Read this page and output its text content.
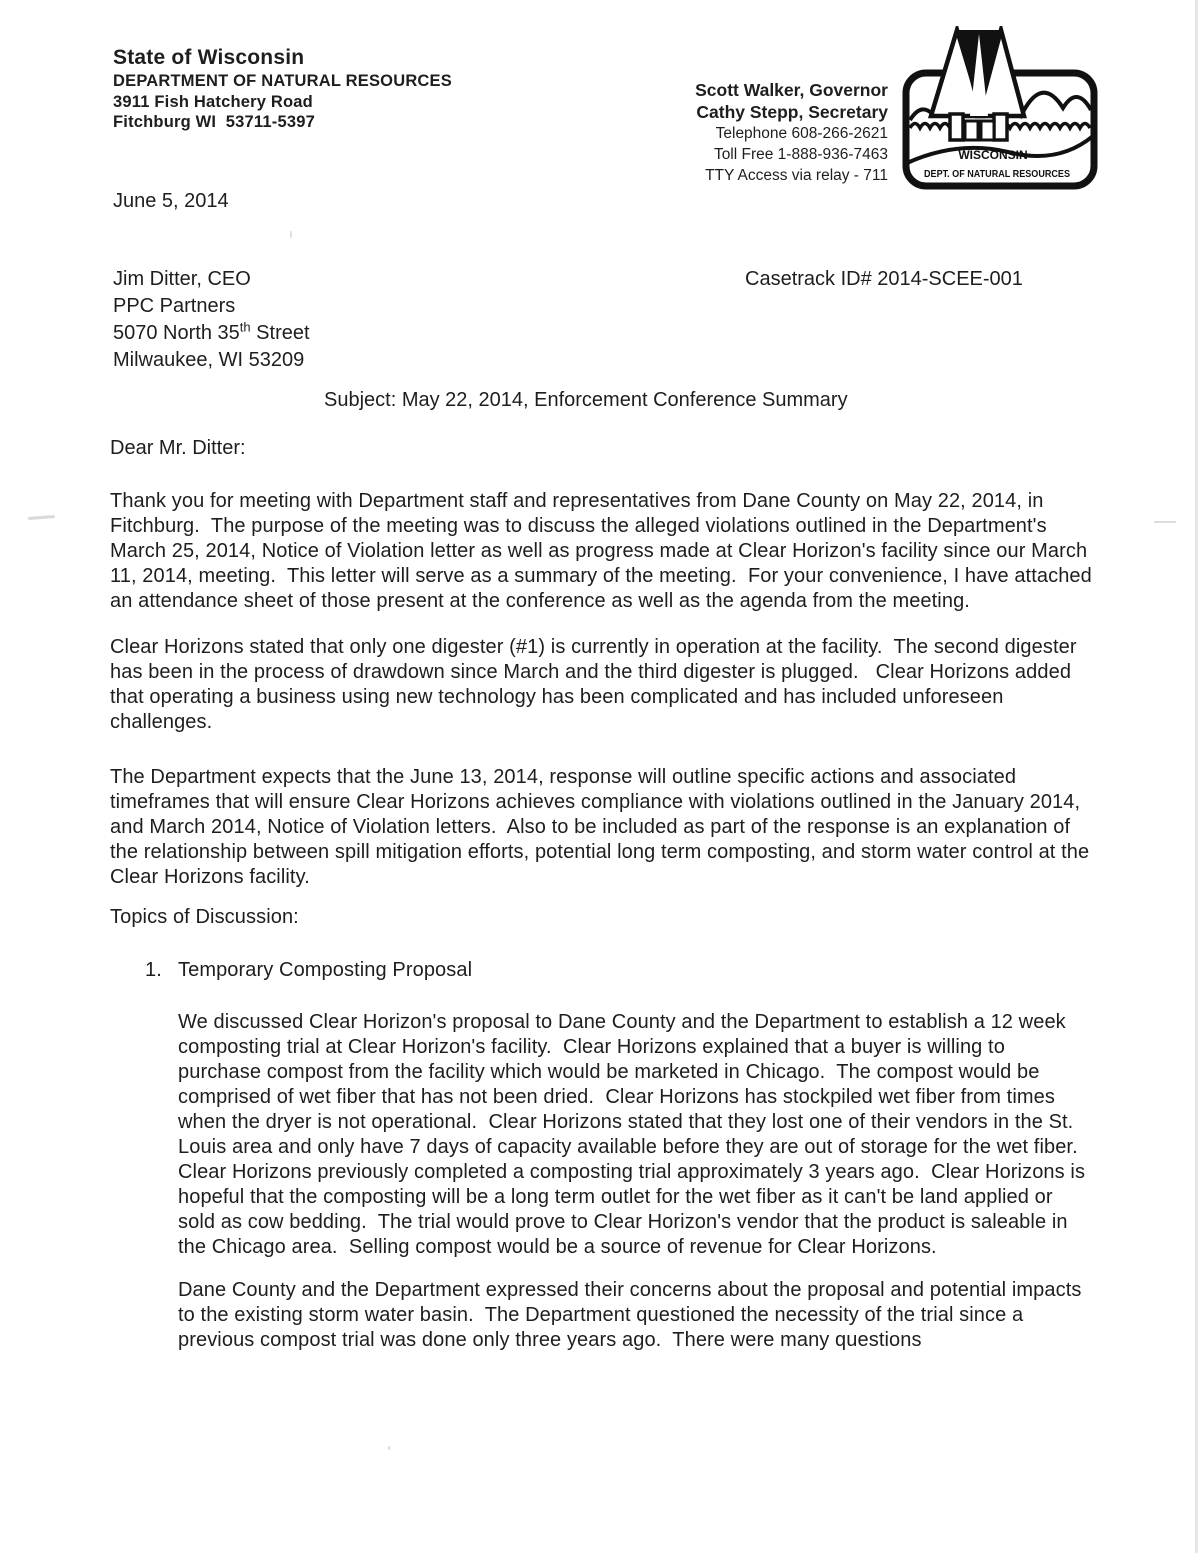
State of Wisconsin
DEPARTMENT OF NATURAL RESOURCES
3911 Fish Hatchery Road
Fitchburg WI  53711-5397
Scott Walker, Governor
Cathy Stepp, Secretary
Telephone 608-266-2621
Toll Free 1-888-936-7463
TTY Access via relay - 711
WISCONSIN
DEPT. OF NATURAL RESOURCES
June 5, 2014
Jim Ditter, CEO
PPC Partners
5070 North 35th Street
Milwaukee, WI 53209
Casetrack ID# 2014-SCEE-001
Subject: May 22, 2014, Enforcement Conference Summary
Dear Mr. Ditter:

Thank you for meeting with Department staff and representatives from Dane County on May 22, 2014, in Fitchburg.  The purpose of the meeting was to discuss the alleged violations outlined in the Department's March 25, 2014, Notice of Violation letter as well as progress made at Clear Horizon's facility since our March 11, 2014, meeting.  This letter will serve as a summary of the meeting.  For your convenience, I have attached an attendance sheet of those present at the conference as well as the agenda from the meeting.

Clear Horizons stated that only one digester (#1) is currently in operation at the facility.  The second digester has been in the process of drawdown since March and the third digester is plugged.   Clear Horizons added that operating a business using new technology has been complicated and has included unforeseen challenges.

The Department expects that the June 13, 2014, response will outline specific actions and associated timeframes that will ensure Clear Horizons achieves compliance with violations outlined in the January 2014, and March 2014, Notice of Violation letters.  Also to be included as part of the response is an explanation of the relationship between spill mitigation efforts, potential long term composting, and storm water control at the Clear Horizons facility.

Topics of Discussion:

1. Temporary Composting Proposal

We discussed Clear Horizon's proposal to Dane County and the Department to establish a 12 week composting trial at Clear Horizon's facility.  Clear Horizons explained that a buyer is willing to purchase compost from the facility which would be marketed in Chicago.  The compost would be comprised of wet fiber that has not been dried.  Clear Horizons has stockpiled wet fiber from times when the dryer is not operational.  Clear Horizons stated that they lost one of their vendors in the St. Louis area and only have 7 days of capacity available before they are out of storage for the wet fiber. Clear Horizons previously completed a composting trial approximately 3 years ago.  Clear Horizons is hopeful that the composting will be a long term outlet for the wet fiber as it can't be land applied or sold as cow bedding.  The trial would prove to Clear Horizon's vendor that the product is saleable in the Chicago area.  Selling compost would be a source of revenue for Clear Horizons.

Dane County and the Department expressed their concerns about the proposal and potential impacts to the existing storm water basin.  The Department questioned the necessity of the trial since a previous compost trial was done only three years ago.  There were many questions
